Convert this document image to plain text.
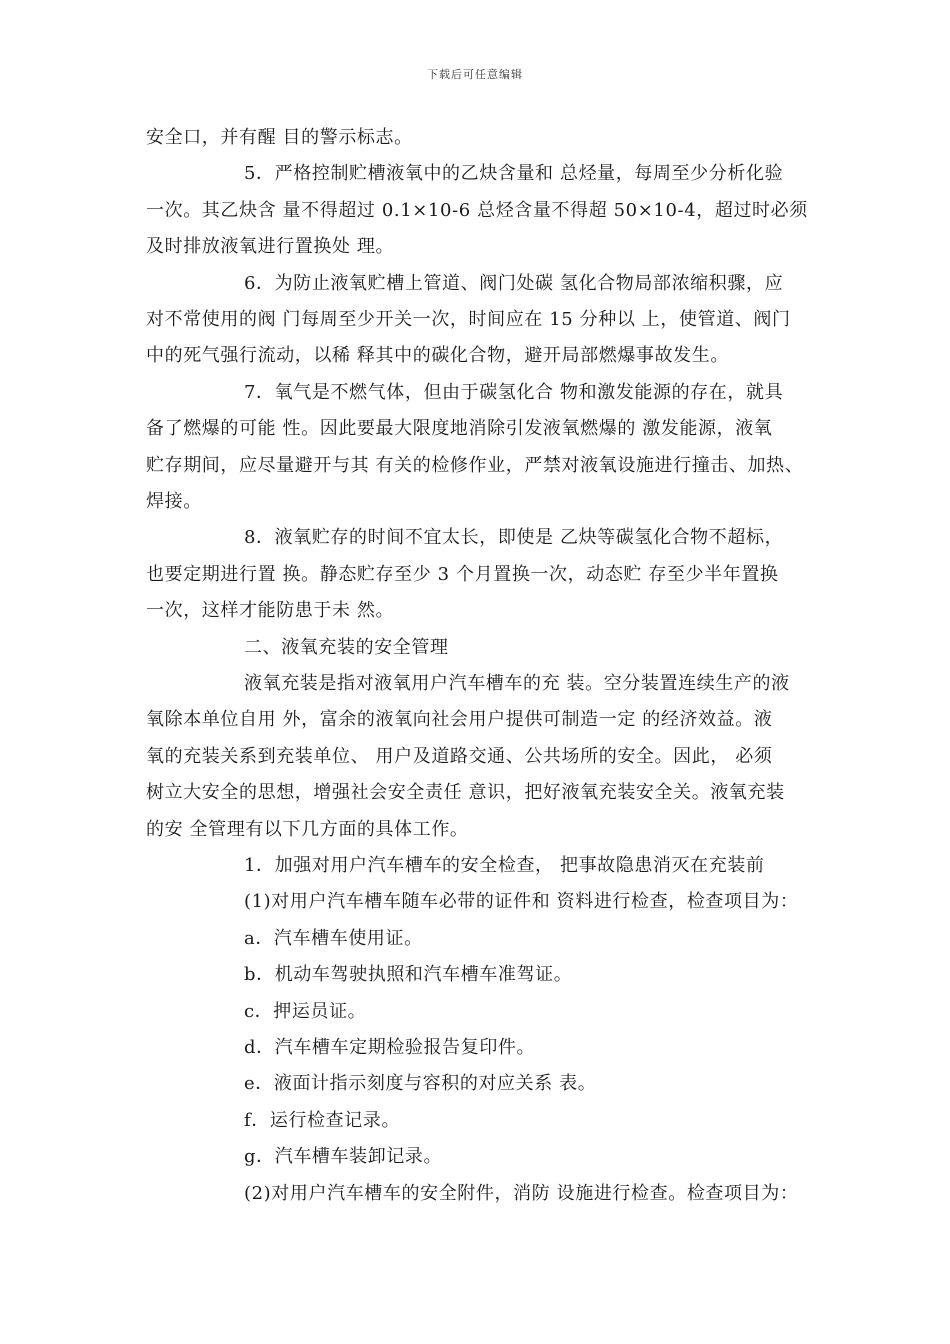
下载后可任意编辑
安全口，并有醒 目的警示标志。
5．严格控制贮槽液氧中的乙炔含量和 总烃量，每周至少分析化验
一次。其乙炔含 量不得超过 0.1×10-6 总烃含量不得超 50×10-4，超过时必须
及时排放液氧进行置换处 理。
6．为防止液氧贮槽上管道、阀门处碳 氢化合物局部浓缩积骤，应
对不常使用的阀 门每周至少开关一次，时间应在 15 分种以 上，使管道、阀门
中的死气强行流动，以稀 释其中的碳化合物，避开局部燃爆事故发生。
7．氧气是不燃气体，但由于碳氢化合 物和激发能源的存在，就具
备了燃爆的可能 性。因此要最大限度地消除引发液氧燃爆的 激发能源，液氧
贮存期间，应尽量避开与其 有关的检修作业，严禁对液氧设施进行撞击、加热、
焊接。
8．液氧贮存的时间不宜太长，即使是 乙炔等碳氢化合物不超标，
也要定期进行置 换。静态贮存至少 3 个月置换一次，动态贮 存至少半年置换
一次，这样才能防患于未 然。
二、液氧充装的安全管理
液氧充装是指对液氧用户汽车槽车的充 装。空分装置连续生产的液
氧除本单位自用 外，富余的液氧向社会用户提供可制造一定 的经济效益。液
氧的充装关系到充装单位、 用户及道路交通、公共场所的安全。因此， 必须
树立大安全的思想，增强社会安全责任 意识，把好液氧充装安全关。液氧充装
的安 全管理有以下几方面的具体工作。
1．加强对用户汽车槽车的安全检查， 把事故隐患消灭在充装前
(1)对用户汽车槽车随车必带的证件和 资料进行检查，检查项目为：
a．汽车槽车使用证。
b．机动车驾驶执照和汽车槽车准驾证。
c．押运员证。
d．汽车槽车定期检验报告复印件。
e．液面计指示刻度与容积的对应关系 表。
f．运行检查记录。
g．汽车槽车装卸记录。
(2)对用户汽车槽车的安全附件，消防 设施进行检查。检查项目为：
